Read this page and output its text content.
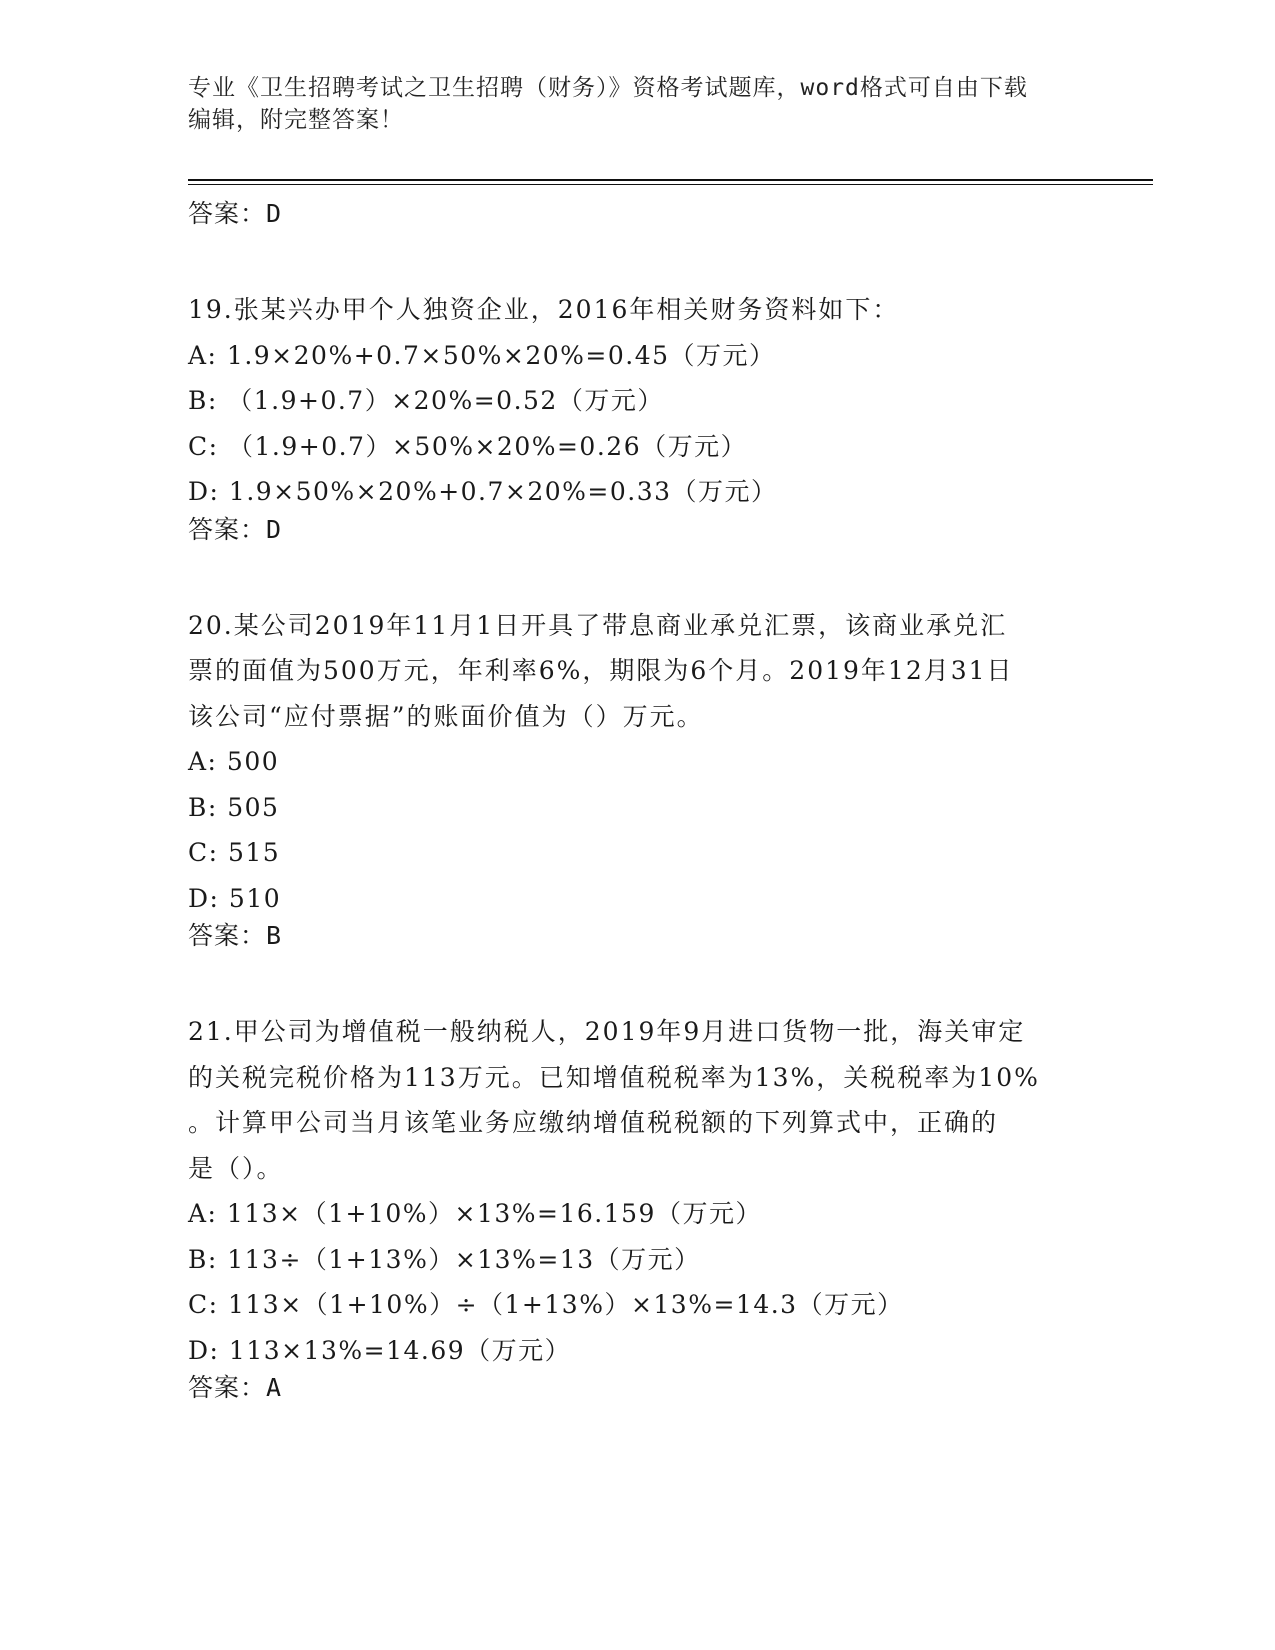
专业《卫生招聘考试之卫生招聘（财务）》资格考试题库，word格式可自由下载
编辑，附完整答案！
答案：D
19.张某兴办甲个人独资企业，2016年相关财务资料如下：
A: 1.9×20%+0.7×50%×20%=0.45（万元）
B: （1.9+0.7）×20%=0.52（万元）
C: （1.9+0.7）×50%×20%=0.26（万元）
D: 1.9×50%×20%+0.7×20%=0.33（万元）
答案：D
20.某公司2019年11月1日开具了带息商业承兑汇票，该商业承兑汇
票的面值为500万元，年利率6%，期限为6个月。2019年12月31日
该公司“应付票据”的账面价值为（）万元。
A: 500
B: 505
C: 515
D: 510
答案：B
21.甲公司为增值税一般纳税人，2019年9月进口货物一批，海关审定
的关税完税价格为113万元。已知增值税税率为13%，关税税率为10%
。计算甲公司当月该笔业务应缴纳增值税税额的下列算式中，正确的
是（）。
A: 113×（1+10%）×13%=16.159（万元）
B: 113÷（1+13%）×13%=13（万元）
C: 113×（1+10%）÷（1+13%）×13%=14.3（万元）
D: 113×13%=14.69（万元）
答案：A
